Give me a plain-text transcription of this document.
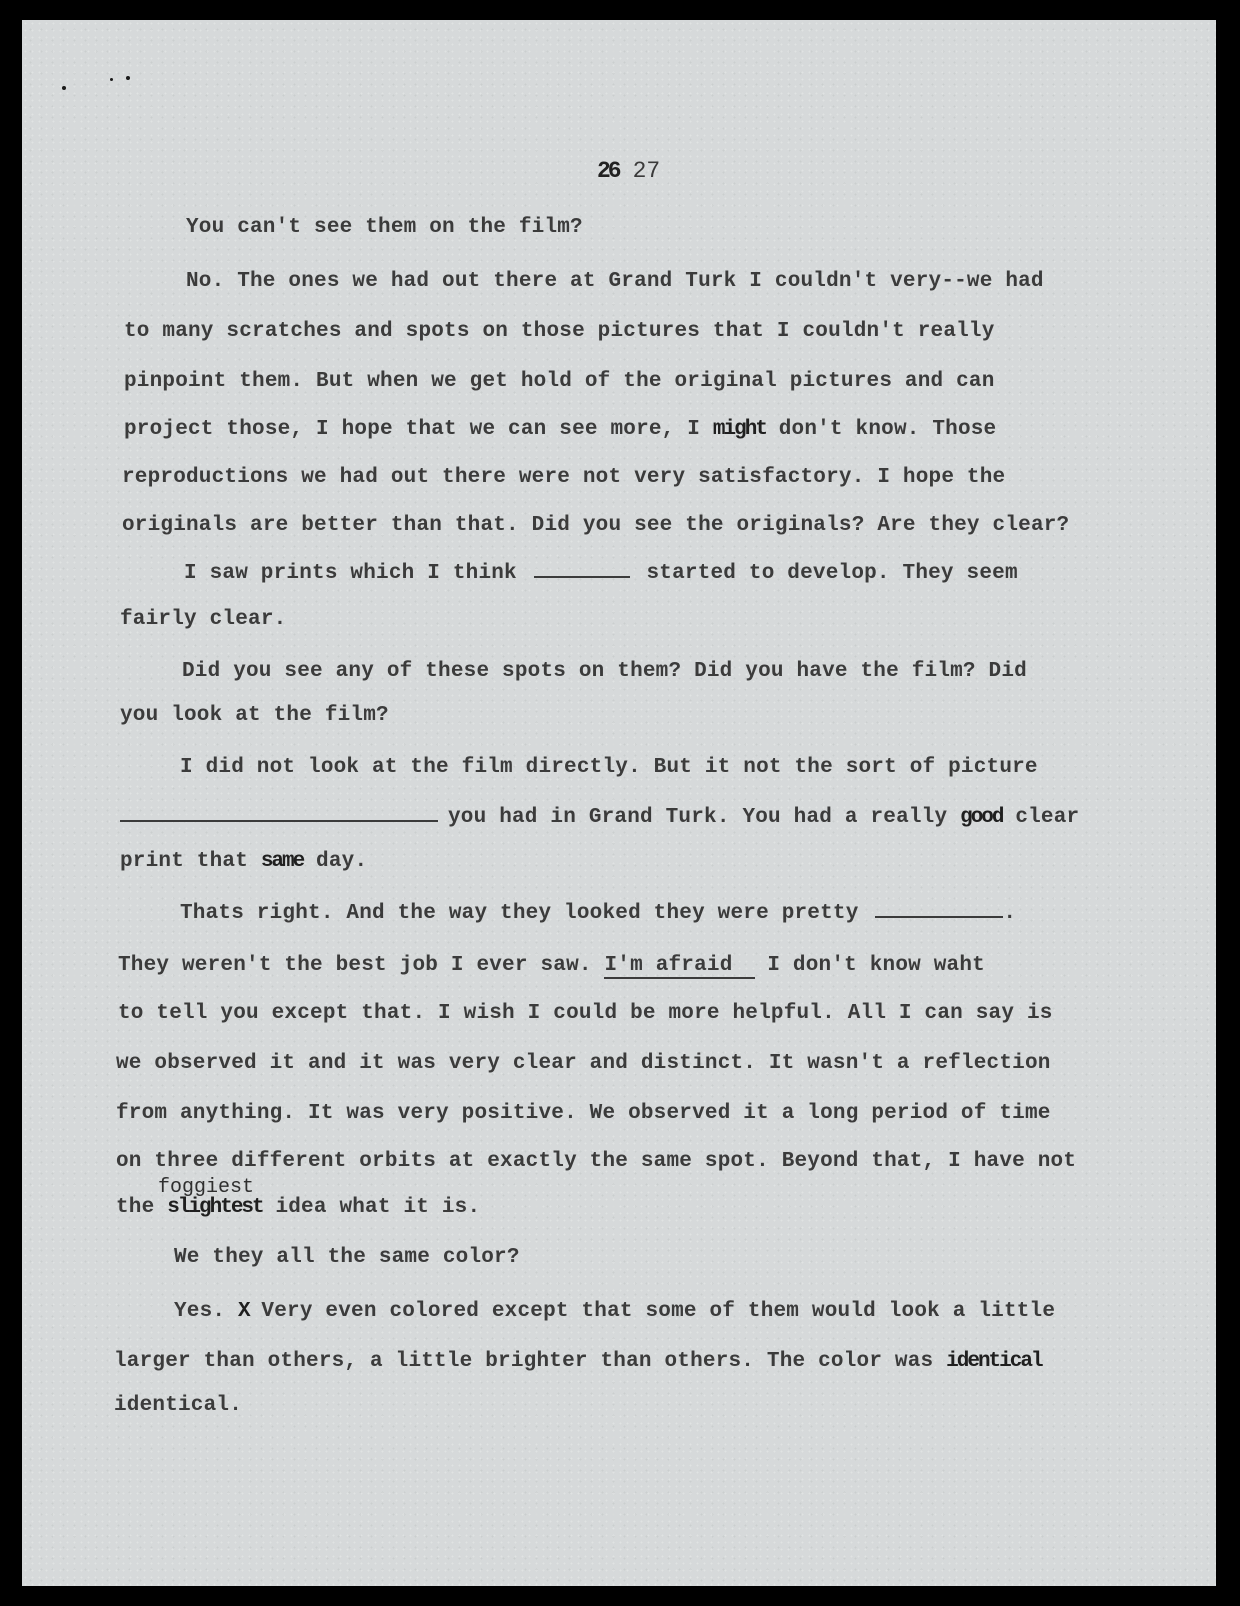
26 27
You can't see them on the film?
No. The ones we had out there at Grand Turk I couldn't very--we had
to many scratches and spots on those pictures that I couldn't really
pinpoint them. But when we get hold of the original pictures and can
project those, I hope that we can see more, I might don't know. Those
reproductions we had out there were not very satisfactory. I hope the
originals are better than that. Did you see the originals? Are they clear?
I saw prints which I think	started to develop. They seem
fairly clear.
Did you see any of these spots on them? Did you have the film? Did
you look at the film?
I did not look at the film directly. But it not the sort of picture
you had in Grand Turk. You had a really good clear
print that same day.
Thats right. And the way they looked they were pretty	.
They weren't the best job I ever saw. I'm afraid I don't know waht
to tell you except that. I wish I could be more helpful. All I can say is
we observed it and it was very clear and distinct. It wasn't a reflection
from anything. It was very positive. We observed it a long period of time
on three different orbits at exactly the same spot. Beyond that, I have not
foggiest
the slightest idea what it is.
We they all the same color?
Yes. X Very even colored except that some of them would look a little
larger than others, a little brighter than others. The color was identical
identical.
